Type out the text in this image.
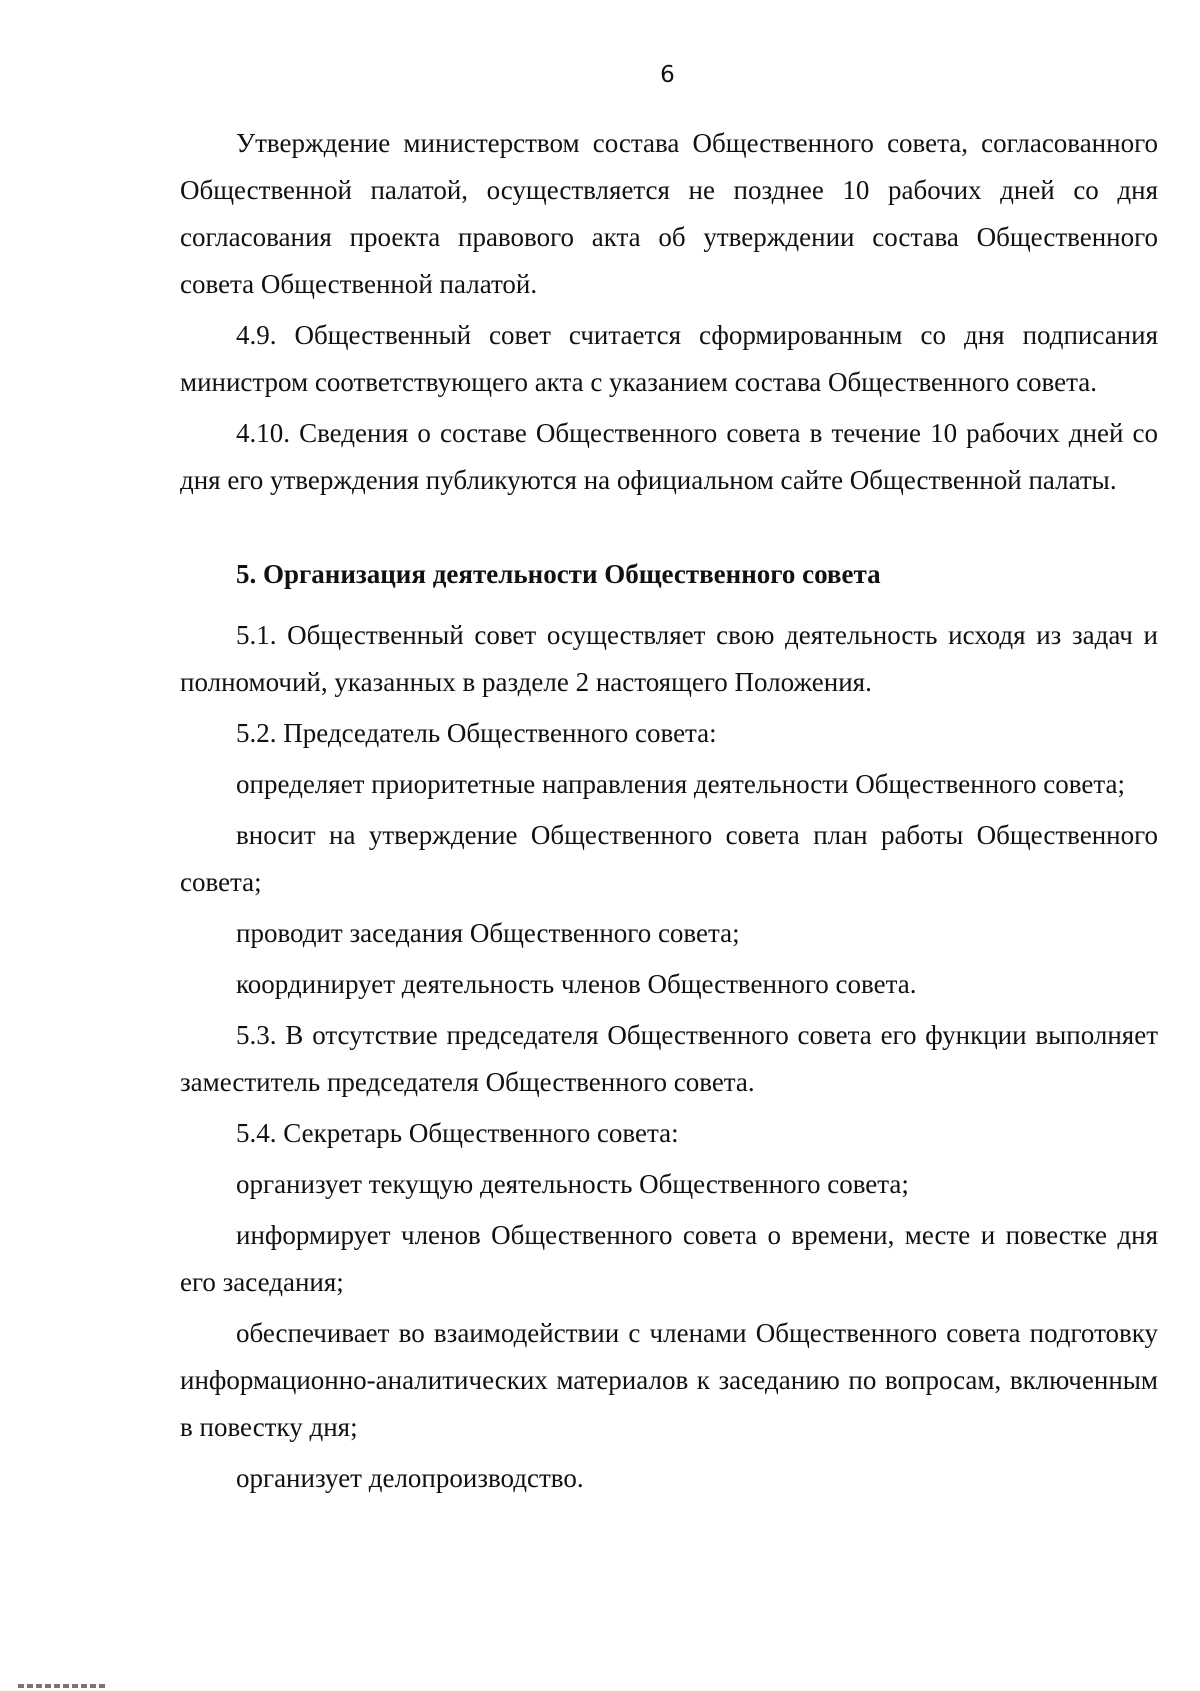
6

Утверждение министерством состава Общественного совета, согласованного Общественной палатой, осуществляется не позднее 10 рабочих дней со дня согласования проекта правового акта об утверждении состава Общественного совета Общественной палатой.

4.9. Общественный совет считается сформированным со дня подписания министром соответствующего акта с указанием состава Общественного совета.

4.10. Сведения о составе Общественного совета в течение 10 рабочих дней со дня его утверждения публикуются на официальном сайте Общественной палаты.

5. Организация деятельности Общественного совета

5.1. Общественный совет осуществляет свою деятельность исходя из задач и полномочий, указанных в разделе 2 настоящего Положения.

5.2. Председатель Общественного совета:

определяет приоритетные направления деятельности Общественного совета;

вносит на утверждение Общественного совета план работы Общественного совета;

проводит заседания Общественного совета;

координирует деятельность членов Общественного совета.

5.3. В отсутствие председателя Общественного совета его функции выполняет заместитель председателя Общественного совета.

5.4. Секретарь Общественного совета:

организует текущую деятельность Общественного совета;

информирует членов Общественного совета о времени, месте и повестке дня его заседания;

обеспечивает во взаимодействии с членами Общественного совета подготовку информационно-аналитических материалов к заседанию по вопросам, включенным в повестку дня;

организует делопроизводство.
